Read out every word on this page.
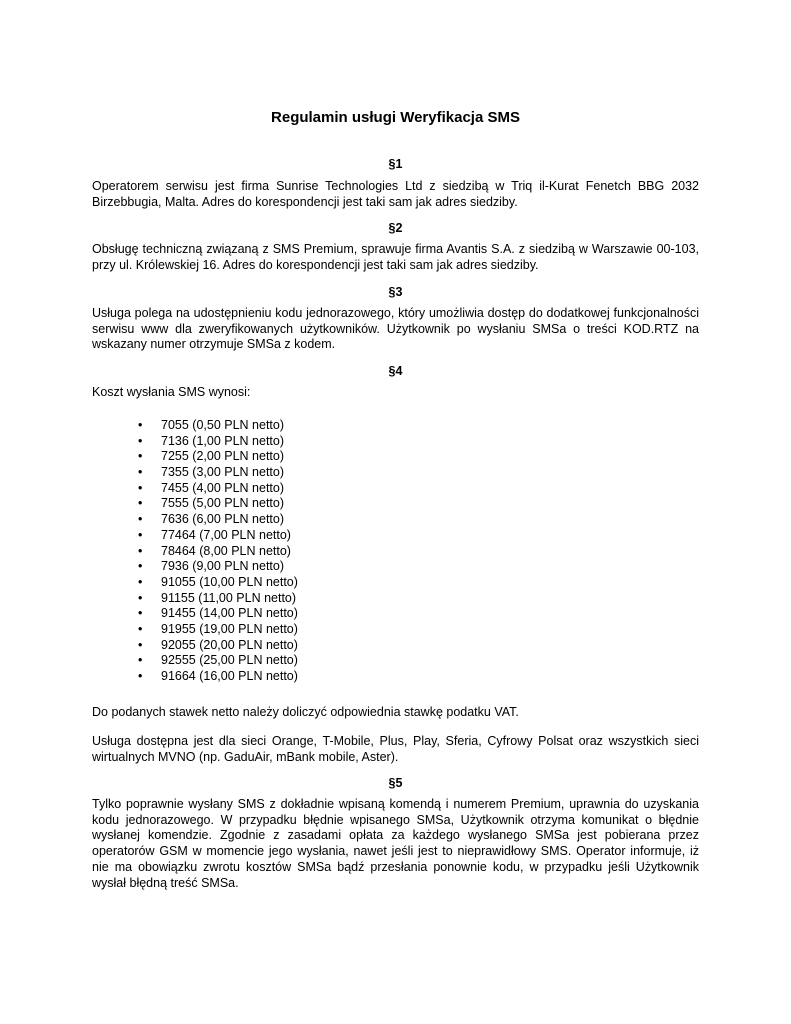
Regulamin usługi Weryfikacja SMS
§1

Operatorem serwisu jest firma Sunrise Technologies Ltd z siedzibą w Triq il-Kurat Fenetch BBG 2032 Birzebbugia, Malta. Adres do korespondencji jest taki sam jak adres siedziby.

§2

Obsługę techniczną związaną z SMS Premium, sprawuje firma Avantis S.A. z siedzibą w Warszawie 00-103, przy ul. Królewskiej 16. Adres do korespondencji jest taki sam jak adres siedziby.

§3

Usługa polega na udostępnieniu kodu jednorazowego, który umożliwia dostęp do dodatkowej funkcjonalności serwisu www dla zweryfikowanych użytkowników. Użytkownik po wysłaniu SMSa o treści KOD.RTZ na wskazany numer otrzymuje SMSa z kodem.

§4

Koszt wysłania SMS wynosi:

• 7055 (0,50 PLN netto)
• 7136 (1,00 PLN netto)
• 7255 (2,00 PLN netto)
• 7355 (3,00 PLN netto)
• 7455 (4,00 PLN netto)
• 7555 (5,00 PLN netto)
• 7636 (6,00 PLN netto)
• 77464 (7,00 PLN netto)
• 78464 (8,00 PLN netto)
• 7936 (9,00 PLN netto)
• 91055 (10,00 PLN netto)
• 91155 (11,00 PLN netto)
• 91455 (14,00 PLN netto)
• 91955 (19,00 PLN netto)
• 92055 (20,00 PLN netto)
• 92555 (25,00 PLN netto)
• 91664 (16,00 PLN netto)

Do podanych stawek netto należy doliczyć odpowiednia stawkę podatku VAT.

Usługa dostępna jest dla sieci Orange, T-Mobile, Plus, Play, Sferia, Cyfrowy Polsat oraz wszystkich sieci wirtualnych MVNO (np. GaduAir, mBank mobile, Aster).

§5

Tylko poprawnie wysłany SMS z dokładnie wpisaną komendą i numerem Premium, uprawnia do uzyskania kodu jednorazowego. W przypadku błędnie wpisanego SMSa, Użytkownik otrzyma komunikat o błędnie wysłanej komendzie. Zgodnie z zasadami opłata za każdego wysłanego SMSa jest pobierana przez operatorów GSM w momencie jego wysłania, nawet jeśli jest to nieprawidłowy SMS. Operator informuje, iż nie ma obowiązku zwrotu kosztów SMSa bądź przesłania ponownie kodu, w przypadku jeśli Użytkownik wysłał błędną treść SMSa.
